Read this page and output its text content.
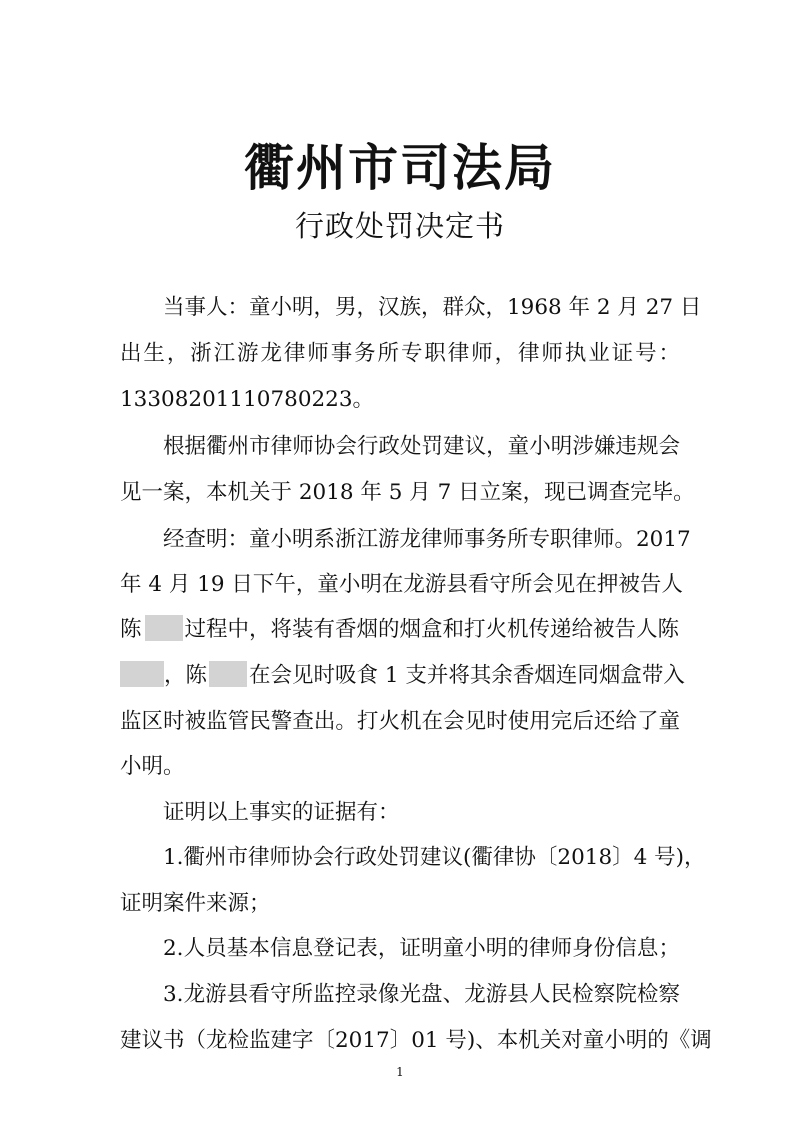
衢州市司法局
行政处罚决定书
当事人：童小明，男，汉族，群众，1968 年 2 月 27 日
出生，浙江游龙律师事务所专职律师，律师执业证号：
13308201110780223。
根据衢州市律师协会行政处罚建议，童小明涉嫌违规会
见一案，本机关于 2018 年 5 月 7 日立案，现已调查完毕。
经查明：童小明系浙江游龙律师事务所专职律师。2017
年 4 月 19 日下午，童小明在龙游县看守所会见在押被告人
陈 过程中，将装有香烟的烟盒和打火机传递给被告人陈
，陈 在会见时吸食 1 支并将其余香烟连同烟盒带入
监区时被监管民警查出。打火机在会见时使用完后还给了童
小明。
证明以上事实的证据有：
1.衢州市律师协会行政处罚建议(衢律协〔2018〕4 号)，
证明案件来源；
2.人员基本信息登记表，证明童小明的律师身份信息；
3.龙游县看守所监控录像光盘、龙游县人民检察院检察
建议书（龙检监建字〔2017〕01 号)、本机关对童小明的《调
1
